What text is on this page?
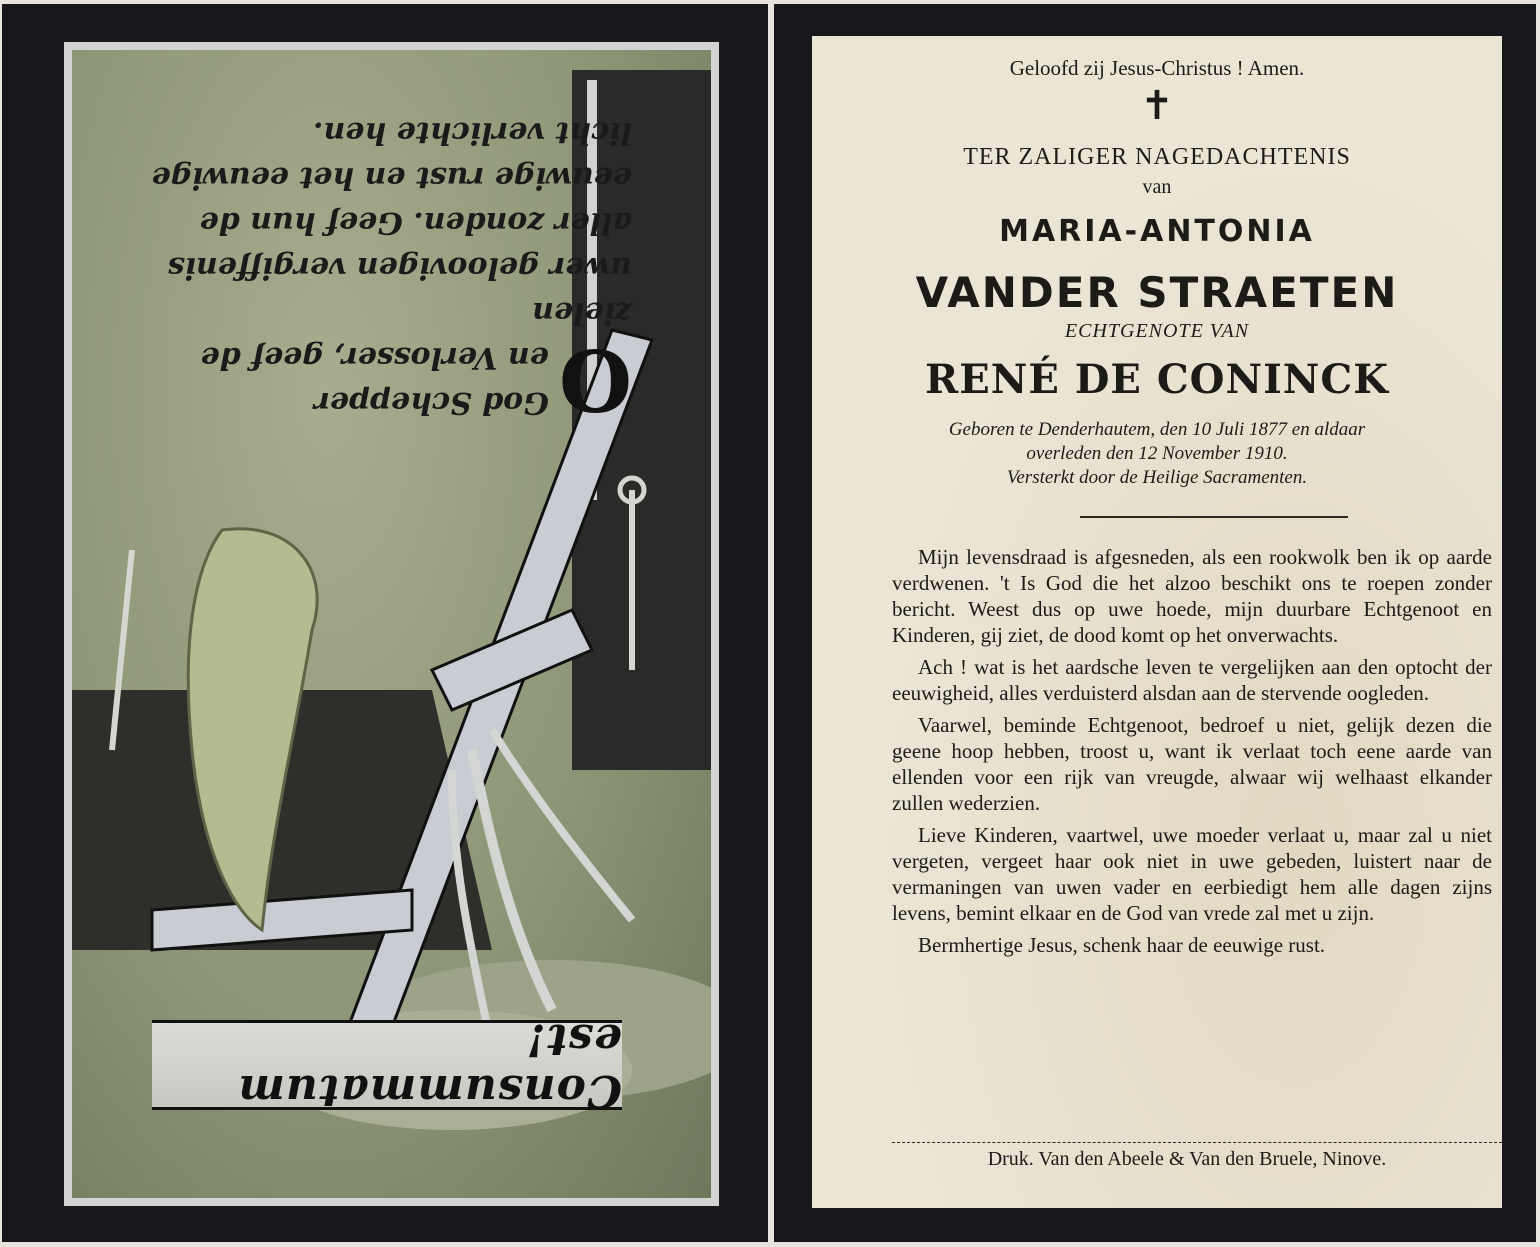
O
God Schepper
en Verlosser, geef de zielen
uwer geloovigen vergiffenis
aller zonden. Geef hun de
eeuwige rust en het eeuwige
licht verlichte hen.
Consummatum est!
Geloofd zij Jesus-Christus ! Amen.
✝
TER ZALIGER NAGEDACHTENIS
van
MARIA-ANTONIA
VANDER STRAETEN
ECHTGENOTE VAN
RENÉ DE CONINCK
Geboren te Denderhautem, den 10 Juli 1877 en aldaar
overleden den 12 November 1910.
Versterkt door de Heilige Sacramenten.

Mijn levensdraad is afgesneden, als een rookwolk ben ik op aarde verdwenen. 't Is God die het alzoo beschikt ons te roepen zonder bericht. Weest dus op uwe hoede, mijn duurbare Echtgenoot en Kinderen, gij ziet, de dood komt op het onverwachts.

Ach ! wat is het aardsche leven te vergelijken aan den optocht der eeuwigheid, alles verduisterd alsdan aan de stervende oogleden.

Vaarwel, beminde Echtgenoot, bedroef u niet, gelijk dezen die geene hoop hebben, troost u, want ik verlaat toch eene aarde van ellenden voor een rijk van vreugde, alwaar wij welhaast elkander zullen wederzien.

Lieve Kinderen, vaartwel, uwe moeder verlaat u, maar zal u niet vergeten, vergeet haar ook niet in uwe gebeden, luistert naar de vermaningen van uwen vader en eerbiedigt hem alle dagen zijns levens, bemint elkaar en de God van vrede zal met u zijn.

Bermhertige Jesus, schenk haar de eeuwige rust.

Druk. Van den Abeele & Van den Bruele, Ninove.
